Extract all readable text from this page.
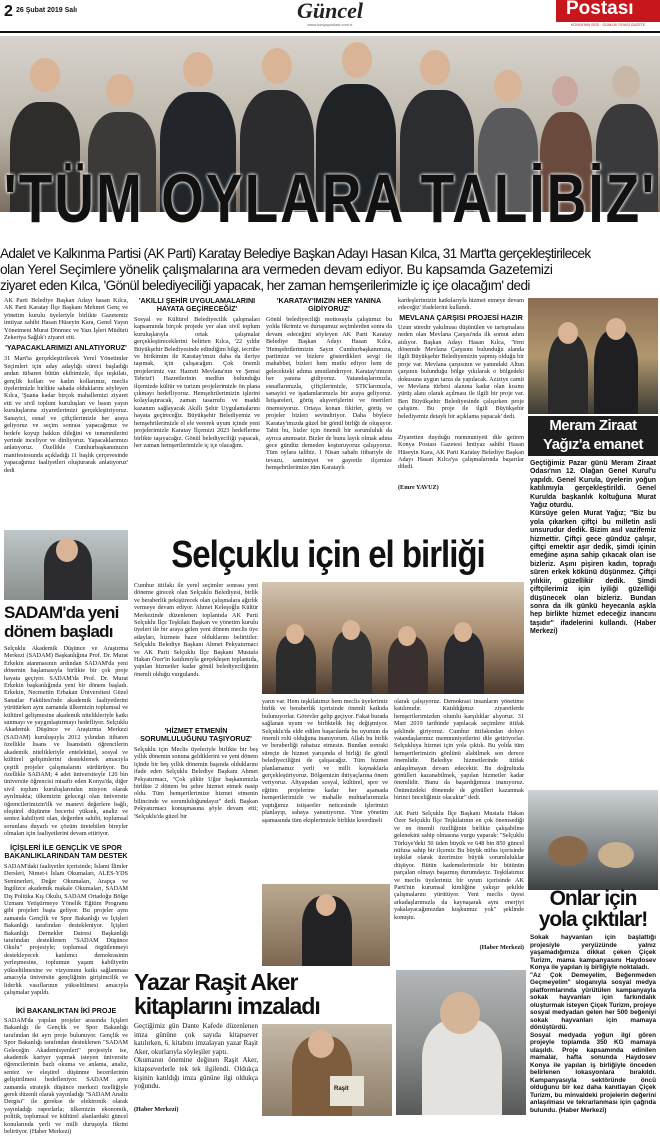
2 26 Şubat 2019 Salı	Güncel
www.konyapostasi.com.tr
Postası
KONYA'NIN SESİ · GÜNLÜK SİYASİ GAZETE
'TÜM OYLARA TALİBİZ'
Adalet ve Kalkınma Partisi (AK Parti) Karatay Belediye Başkan Adayı Hasan Kılca, 31 Mart'ta gerçekleştirilecek
olan Yerel Seçimlere yönelik çalışmalarına ara vermeden devam ediyor. Bu kapsamda Gazetemizi
ziyaret eden Kılca, 'Gönül belediyeciliği yapacak, her zaman hemşerilerimizle iç içe olacağım' dedi
AK Parti Belediye Başkan Adayı hasan Kılca, AK Parti Karatay İlçe Başkanı Mehmet Genç ve yönetim kurulu üyeleriyle birlikte Gazetemiz imtiyaz sahibi Hasan Hüseyin Kara, Genel Yayın Yönetmeni Murat Dönmez ve Yazı İşleri Müdürü Zekeriya Sağlık'ı ziyaret etti.
'YAPACAKLARIMIZI ANLATIYORUZ'
31 Mart'ta gerçekleştirilecek Yerel Yönetimler Seçimleri için aday adaylığı süreci başladığı andan itibaren bütün ekibimizle, ilçe teşkilatı, gençlik kolları ve kadın kollarımız, meclis üyelerimizle birlikte sahada olduklarını söyleyen Kılca, 'Şuana kadar birçok mahallemizi ziyaret etti ve sivil toplum kuruluşları ve basın yayın kuruluşlarına ziyaretlerimizi gerçekleştiriyoruz. Sanayici, esnaf ve çiftçilerimizle her araya geliyoruz ve seçim sonrası yapacağımız ve hedefe koyup hakkın dileğini ve temennilerini yerinde inceliyor ve dinliyoruz. Yapacaklarımızı anlatıyoruz. Özellikle Cumhurbaşkanımızın manifestosunda açıkladığı 11 başlık çerçevesinde yapacağımız faaliyetleri oluşturarak anlatıyoruz' dedi
'AKILLI ŞEHİR UYGULAMALARINI HAYATA GEÇİRECEĞİZ'
Sosyal ve Kültürel Belediyecilik çalışmaları kapsamında birçok projede yer alan sivil toplum kuruluşlarıyla ortak çalışmalar gerçekleştireceklerini belirten Kılca, '22 yıldır Büyükşehir Belediyesinde edindiğim bilgi, tecrübe ve birikimim ile Karatay'ımızı daha da ileriye taşımak, için çalışacağım. Çok önemli projelerimiz var. Hazreti Mevlana'nın ve Şemsi Tebrizi'i Hazretlerinin medfun bulunduğu ilçemizde kültür ve turizm projelerimizle ön plana çıkmayı hedefliyoruz. Hemşehrilerimizin işlerini kolaylaştıracak, zaman tasarrufu ve maddi kazanım sağlayacak Akıllı Şehir Uygulamalarını hayata geçireceğiz. Büyükşehir Belediyemiz ve hemşehrilerimizle el ele vererek uyum içinde yeni projelerimizle Karatay İlçemizi 2023 hedeflerine birlikte taşıyacağız. Gönül belediyeciliği yapacak, her zaman hemşerilerimizle iç içe olacağım.
'KARATAY'IMIZIN HER YANINA GİDİYORUZ'
Gönül belediyeciliği mottosuyla çalıştımız bu yolda fikrimiz ve duruşumuz seçimlerden sonra da devam edeceğini söyleyen AK Parti Karatay Belediye Başkan Adayı Hasan Kılca, 'Hemşehrilerimizin Sayın Cumhurbaşkanımıza, partimize ve bizlere gösterdikleri sevgi ile mahabbet, bizleri hem mutlu ediyor hem de gelecekteki adıma umutlandırıyor. Karatay'ımızın her yanına gidiyoruz. Vatandaşlarımızla, esnaflarımızla, çiftçilerimizle, STK'larımızla, sanayici ve işadamlarımızla bir araya geliyoruz. İstişareleri, görüş alışverişlerini ve önerileri önemsiyoruz. Ortaya konan fikirler, görüş ve projeler bizleri sevindiriyor. Daha böylece Karatay'ımızda güzel bir gönül birliği de oluşuyor. Tabii bu, bizler için önemli bir sorumluluk da ayrıca anımsatır. Bizler de bunu layık olmak adına gece gündüz demeden koşturuyoruz çalışıyoruz. Tüm oylara talibiz. 1 Nisan sabahı itibariyle de tevazu, samimiyet ve gayretle ilçemize hemşehrilerimize tüm Karataylı
kardeşlerimizin katkılarıyla hizmet etmeye devam edeceğiz' ifadelerini kullandı.
MEVLANA ÇARŞISI PROJESİ HAZIR
Uzun süredir yakılması düşünülen ve tartışmalara neden olan Mevlana Çarşısı'nda ilk somut adım atılıyor. Başkan Adayı Hasan Kılca, 'Yeni dönemde Mevlana Çarşısını bulunduğu alanda ilgili Büyükşehir Belediyemizin yapmış olduğu bir proje var. Mevlana çarşısının ve yanındaki Altun çarşının bulunduğu bölge yıkılarak o bölgedeki dokusuna uygun tarza da yapılacak. Aziziye camii ve Mevlana türbesi alanına kadar olan kısımı yürüş alanı olarak açılması ile ilgili bir proje var. Ben Büyükşehir Belediyesinde çalışırken proje çalıştım. Bu proje ile ilgili Büyükşehir belediyemiz detaylı bir açıklama yapacak' dedi.
Ziyaretten duyduğu memnuniyeti dile getiren Konya Postası Gazetesi İmtiyaz sahibi Hasan Hüseyin Kara, AK Parti Karatay Belediye Başkan Adayı Hasan Kılca'ya çalışmalarında başarılar diledi.
(Emre YAVUZ)
Meram Ziraat
Yağız'a emanet
Geçtiğimiz Pazar günü Meram Ziraat Odası'nın 12. Olağan Genel Kurul'u yapıldı. Genel Kurula, üyelerin yoğun katılımıyla gerçekleştirildi. Genel Kurulda başkanlık koltuğuna Murat Yağız oturdu.
Kürsüye gelen Murat Yağız; "Biz bu yola çıkarken çiftçi bu milletin asli unsurudur dedik. Bizim asıl vazifemiz hizmettir. Çiftçi gece gündüz çalışır, çiftçi emektir aşır dedik, şimdi içinin emeğine aşına sahip çıkacak olan ise bizleriz. Aşını pişiren kadın, toprağı süren erkek kökünü düşünmez. Çiftçi yılıkiir, güzellikir dedik. Şimdi çiftçilerimiz için iyiliği güzelliği düşünecek olan bizleriz. Bundan sonra da ilk günkü heyecanla aşkla hep birlikte hizmet edeceğiz inancını taşıdır" ifadelerini kullandı. (Haber Merkezi)
SADAM'da yeni
dönem başladı
Selçuklu Akademik Düşünce ve Araştırma Merkezi (SADAM) Başkanlığına Prof. Dr. Murat Erkekin atanmasının ardından SADAM'da yeni dönemin başlamasıyla birlikte bir çok proje hayata geçiyor. SADAM'da Prof. Dr. Murat Erkekin başkanlığında yeni bir dönem başladı. Erkekin, Necmettin Erbakan Üniversitesi Güzel Sanatlar Fakültesi'nde akademik faaliyetlerini yürütürken aynı zamanda ülkemizin toplumsal ve kültürel gelişmesine akademik nitelikleriyle katkı sunmayı ve yaygınlaştırmayı hedefliyor. Selçuklu Akademik Düşünce ve Araştırma Merkezi (SADAM) kuruluşuyla 2012 yılından itibaren özellikle lisans ve lisansüstü öğrencilerin akademik nitelikleriyle entelektüel, sosyal ve kültürel gelişimlerini desteklemek amacıyla çeşitli projeler çalışmalarını sürdürüyor. Bu özellikle SADAM; 4 adet üniversiteyle 120 bin üniversite öğrencisi misafir eden Konya'da, diğer sivil toplum kuruluşlarından misyon olarak ayrılmakta; ülkemizin gelecegi olan üniversite öğrencilerimizin'ilk ve manevi değerlere bağlı, eleştirel düşünme becerisi yüksek, analiz ve sentez kabiliyeti olan, değerden sahibi, toplumsal sorunlara duyarlı ve çözüm üretebilen bireyler olmaları için faaliyetlerini devam ettiriyor.
İÇİŞLERİ İLE GENÇLİK VE SPOR BAKANLIKLARINDAN TAM DESTEK
SADAM'daki faaliyetler içerisinde; İslami İlimler Dersleri, Nimet-i İslam Okumaları, ALES-YDS Seminerleri, Değer Okumaları, Arapça ve İngilizce akademik makale Okumaları, SADAM Dış Politika Kış Okulu, SADAM Ortadoğu Bölge Uzmanı Yetiştirmeye Yönelik Eğitim Programı gibi projeleri başta geliyor. Bu projeler aynı zamanda Gençlik ve Spor Bakanlığı ve İçişleri Bakanlığı tarafından destekleniyor. İçişleri Bakanlığı Dernekler Dairesi Başkanlığı tarafından desteklenen "SADAM Düşünce Okulu" projesiyle; toplumsal örgütlenmeyi destekleyecek katılımcı demokrasinin yerleşmesine, toplumun yaşam kabiliyetin yükseltilmesine ve vizyonunu katkı sağlanması amacıyla üniversite gençliğinin girişimcilik ve liderlik vasıflarının yükseltilmesi amacıyla çalışmalar yapıldı.
İKİ BAKANLIKTAN İKİ PROJE
SADAM'da yapılan projeler arasında İçişleri Bakanlığı ile Gençlik ve Spor Bakanlığı tarafından iki ayrı proje bulunuyor. Gençlik ve Spor Bakanlığı tarafından desteklenen "SADAM Geleceğin Akademisyenleri" projesiyle ise, akademik kariyer yapmak isteyen üniversite öğrencilerinin bazlı okuma ve anlama, analiz, sentez ve eleştirel düşünme becerilerinin geliştirilmesi hedefleniyor. SADAM aynı zamanda stratejik düşünce merkezi özelliğiyle gerek düzenli olarak yayınladığı "SADAM Analiz Dergisi" ile gerekse de elektronik olarak yayınladığı raporlarla; ülkemizin ekonomik, politik, toplumsal ve kültürel alanlardaki güncel konularında yerli ve milli duruşuyla fikrini belirtiyor. (Haber Merkezi)
Selçuklu için el birliği
Cumhur ittifakı ile yerel seçimler sonrası yeni döneme girecek olan Selçuklu Belediyesi, birlik ve beraberlik pekiştirecek olan çalışmalara ağırlık vermeye devam ediyor. Ahmet Keleşoğlu Kültür Merkezinde düzenlenen toplantıda AK Parti Selçuklu İlçe Teşkilatı Başkan ve yönetim kurulu üyeleri ile bir araya gelen yeni dönem meclis üye adayları, hizmete hazır olduklarını belirttiler. Selçuklu Belediye Başkanı Ahmet Pekyatırmacı ve AK Parti Selçuklu İlçe Başkanı Mustafa Hakan Özer'in katılımıyla gerçekleşen toplantıda, yapılan hizmetler kadar gönül belediyeciliğinin önemli olduğu vurgulandı.
'HİZMET ETMENİN SORUMLULUĞUNU TAŞIYORUZ'
Selçuklu için Meclis üyeleriyle birlikte bir beş yıllık dönemin sonuna geldiklerini ve yeni dönem içinde bir beş yıllık dönemin başında olduklarını ifade eden Selçuklu Belediye Başkanı Ahmet Pekyatırmacı, "Çok şükür Uğur başkanımızla birlikte 2 dönem bu şehre hizmet etmek nasip oldu. Tüm hemşerilerimize hizmet etmenin bilincinde ve sorumluluğundayız" dedi. Başkan Pekyatırmacı konuşmasına şöyle devam etti; 'Selçuklu'da güzel bir
yarın var. Hem teşkilatımız hem meclis üyelerimiz birlik ve beraberlik içerisinde önemli katkıda bulunuyorlar. Görevler gelip geçiyor. Fakat burada sağlanan uyum ve birliktelik hiç değişmiyor. Selçuklu'da elde edilen başarılarda bu uyumun da önemli rolü olduğuna inanıyorum. Allah bu birlik ve beraberliği rahatsız etmesin. Bundan sonraki süreçte de hizmet yarışında el birliği ile gönül belediyeciliğini de çalışacağız. Tüm hizmet planlamamız yerli ve milli kaynaklarla gerçekleştiriyoruz. Bölgemizin ihtiyaçlarına önem veriyoruz. Altyapıdan sosyal, kültürel, spor ve eğitim projelerine kadar her aşamada hemşerilerimizle ve mahalle muhtarlarımızla yaptığımız istişareler neticesinde işlerimizi planlayıp, sahaya yansıtıyoruz. Yine yönetim aşamasında tüm ekiplerimizle birlikte koordineli
olarak çalışıyoruz. Demokrasi insanların yönetime katılımıdır. Katıldığımız ziyaretlerde hemşerilerimizden olumlu karşılıklar alıyoruz. 31 Mart 2019 tarihinde yapılacak seçimlere ittifak şeklinde giriyoruz. Cumhur ittifakından doluyı vatandaşlarımız memnuniyetlerini dile getiriyorlar. Selçukluya hizmet için yola çıktık. Bu yolda tüm hemşerilerimizin gönlünü alabilmek son derece önemlidir. Belediye hizmetlerinde ittifak anlaşılmayan devam edecektir. Bu doğrultuda gönülleri kazanabilmek, yapılan hizmetler kadar önemlidir. Bunu da başardığımıza inanıyoruz. Önümüzdeki dönemde de gönülleri kazanmak birinci önceliğimiz olacaktır" dedi.
AK Parti Selçuklu İlçe Başkanı Mustafa Hakan Özer Selçuklu İlçe Teşkilatının en çok önemsediği ve en önemli özelliğinin birlikte çalışabilme gelenekini sahip olmasına vurgu yaparak: "Selçuklu Türkiye'deki 50 tiden büyük ve 648 bin 850 güncel nüfusa sahip bir ilçemiz Bu büyük nüfus içerisinde teşkilat olarak üzerimize büyük sorumluluklar düşüyor. Bütün kademelerimizle bir bütünün parçaları olmayı başarmış durumdayız. Teşkilatımız ve meclis üyelerimiz bir uyum içerisinde AK Parti'nin kurumsal kimliğine yakışır şekilde çalışmalarını yürütüyor. Yeni meclis üyesi arkadaşlarımızla da kaynaşarak aynı enerjiyi yakalayacağımızdan kuşkumuz yok" şeklinde konuştu.
(Haber Merkezi)
Onlar için
yola çıktılar!
Sokak hayvanları için başlattığı projesiyle yeryüzünde yalnız yaşamadığımıza dikkat çeken Çiçek Turizm, mama kampanyasını Haydosev Konya ile yapılan iş birliğiyle noktaladı.
"Az Çok Demeyelim, Beğenmeden Geçmeyelim" sloganıyla sosyal medya platformlarında yürütülen kampanyayla sokak hayvanları için farkındalık oluşturmak isteyen Çiçek Turizm, projeye sosyal medyadan gelen her 500 beğeniyi sokak hayvanları için mamaya dönüştürdü.
Sosyal medyada yoğun ilgi gören projeyle toplamda 350 KG mamaya ulaşıldı. Proje kapsamında edinilen mamalar, hafta sonunda Haydosev Konya ile yapılan iş birliğiyle önceden belirlenen lokasyonlara bırakıldı. Kampanyasıyla sektöründe öncü olduğunu bir kez daha kanıtlayan Çiçek Turizm, bu minvaldeki projelerin değerini anlaşılması ve tekrarlanması için çağrıda bulundu. (Haber Merkezi)
Yazar Raşit Aker
kitaplarını imzaladı
Geçtiğimiz gün Dante Kafede düzenlenen imza gününe çok sayıda kitapsever katılırken, 6. kitabını imzalayan yazar Raşit Aker, okurlarıyla söyleşiler yaptı.
Okumanın önemine değinen Raşit Aker, kitapseverlerle tek tek ilgilendi. Oldukça kişinin katıldığı imza gününe ilgi oldukça yoğundu.
(Haber Merkezi)
Raşit
